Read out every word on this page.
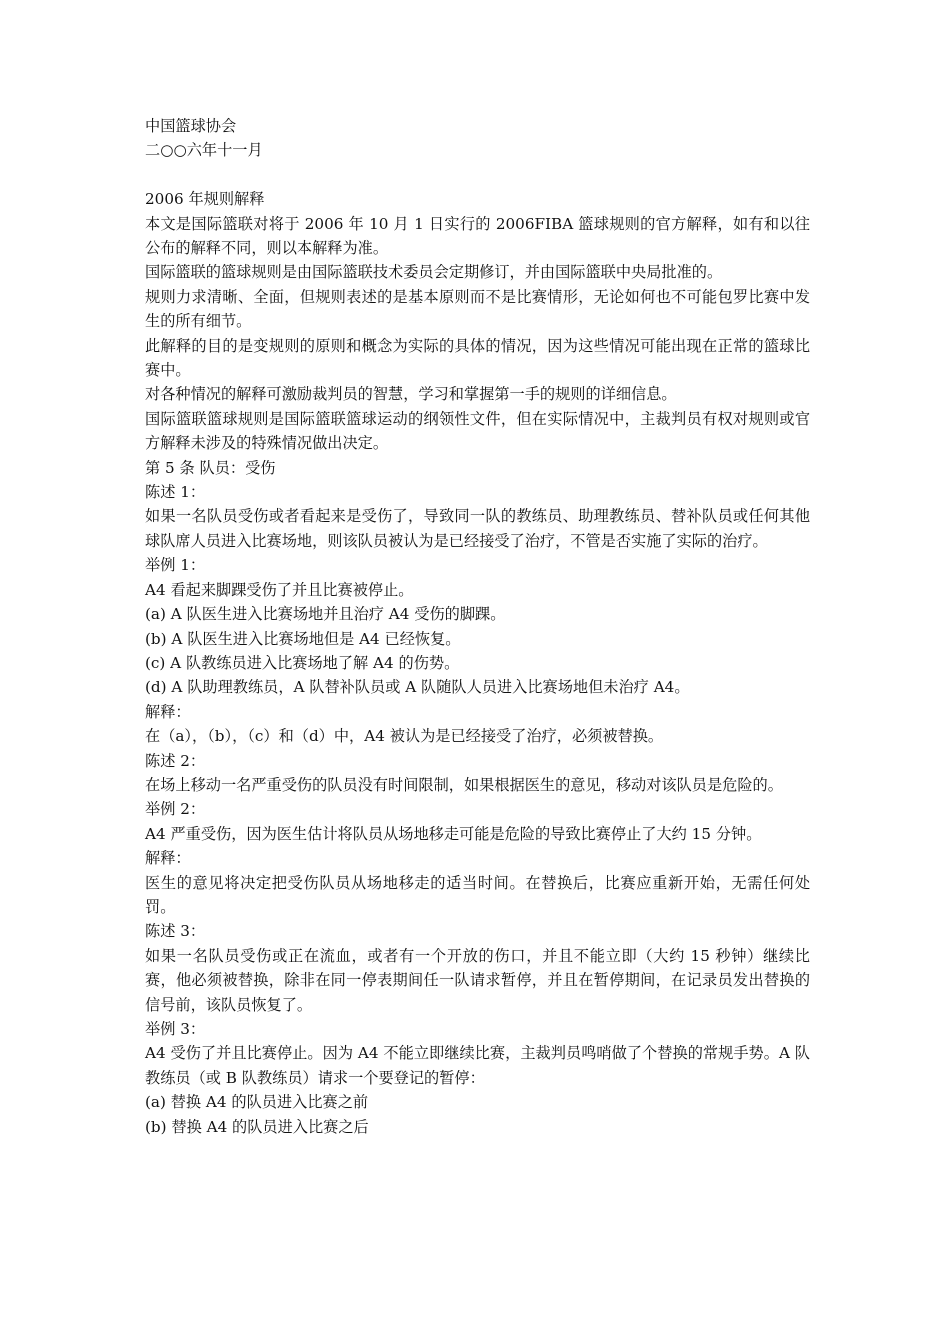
中国篮球协会
二○○六年十一月
2006 年规则解释

本文是国际篮联对将于 2006 年 10 月 1 日实行的 2006FIBA 篮球规则的官方解释，如有和以往公布的解释不同，则以本解释为准。

国际篮联的篮球规则是由国际篮联技术委员会定期修订，并由国际篮联中央局批准的。

规则力求清晰、全面，但规则表述的是基本原则而不是比赛情形，无论如何也不可能包罗比赛中发生的所有细节。

此解释的目的是变规则的原则和概念为实际的具体的情况，因为这些情况可能出现在正常的篮球比赛中。

对各种情况的解释可激励裁判员的智慧，学习和掌握第一手的规则的详细信息。

国际篮联篮球规则是国际篮联篮球运动的纲领性文件，但在实际情况中，主裁判员有权对规则或官方解释未涉及的特殊情况做出决定。

第 5 条 队员：受伤
陈述 1：

如果一名队员受伤或者看起来是受伤了，导致同一队的教练员、助理教练员、替补队员或任何其他球队席人员进入比赛场地，则该队员被认为是已经接受了治疗，不管是否实施了实际的治疗。

举例 1：
A4 看起来脚踝受伤了并且比赛被停止。
(a) A 队医生进入比赛场地并且治疗 A4 受伤的脚踝。
(b) A 队医生进入比赛场地但是 A4 已经恢复。
(c) A 队教练员进入比赛场地了解 A4 的伤势。
(d) A 队助理教练员，A 队替补队员或 A 队随队人员进入比赛场地但未治疗 A4。
解释：
在（a），（b），（c）和（d）中，A4 被认为是已经接受了治疗，必须被替换。
陈述 2：

在场上移动一名严重受伤的队员没有时间限制，如果根据医生的意见，移动对该队员是危险的。

举例 2：
A4 严重受伤，因为医生估计将队员从场地移走可能是危险的导致比赛停止了大约 15 分钟。
解释：

医生的意见将决定把受伤队员从场地移走的适当时间。在替换后，比赛应重新开始，无需任何处罚。

陈述 3：

如果一名队员受伤或正在流血，或者有一个开放的伤口，并且不能立即（大约 15 秒钟）继续比赛，他必须被替换，除非在同一停表期间任一队请求暂停，并且在暂停期间，在记录员发出替换的信号前，该队员恢复了。

举例 3：

A4 受伤了并且比赛停止。因为 A4 不能立即继续比赛，主裁判员鸣哨做了个替换的常规手势。A 队教练员（或 B 队教练员）请求一个要登记的暂停：

(a) 替换 A4 的队员进入比赛之前
(b) 替换 A4 的队员进入比赛之后
